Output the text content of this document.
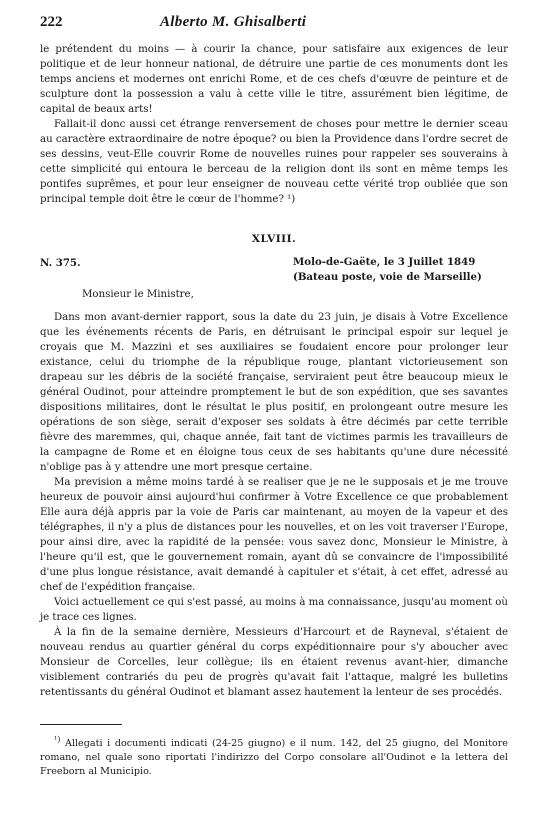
222	Alberto M. Ghisalberti

le prétendent du moins — à courir la chance, pour satisfaire aux exigences de leur politique et de leur honneur national, de détruire une partie de ces monuments dont les temps anciens et modernes ont enrichi Rome, et de ces chefs d'œuvre de peinture et de sculpture dont la possession a valu à cette ville le titre, assurément bien légitime, de capital de beaux arts!

Fallait-il donc aussi cet étrange renversement de choses pour mettre le dernier sceau au caractère extraordinaire de notre époque? ou bien la Providence dans l'ordre secret de ses dessins, veut-Elle couvrir Rome de nouvelles ruines pour rappeler ses souverains à cette simplicité qui entoura le berceau de la religion dont ils sont en même temps les pontifes suprêmes, et pour leur enseigner de nouveau cette vérité trop oubliée que son principal temple doit être le cœur de l'homme? ¹)

XLVIII.
N. 375.	Molo-de-Gaëte, le 3 Juillet 1849
(Bateau poste, voie de Marseille)
Monsieur le Ministre,

Dans mon avant-dernier rapport, sous la date du 23 juin, je disais à Votre Excellence que les événements récents de Paris, en détruisant le principal espoir sur lequel je croyais que M. Mazzini et ses auxiliaires se foudaient encore pour prolonger leur existance, celui du triomphe de la république rouge, plantant victorieusement son drapeau sur les débris de la société française, serviraient peut être beaucoup mieux le général Oudinot, pour atteindre promptement le but de son expédition, que ses savantes dispositions militaires, dont le résultat le plus positif, en prolongeant outre mesure les opérations de son siège, serait d'exposer ses soldats à être décimés par cette terrible fièvre des maremmes, qui, chaque année, fait tant de victimes parmis les travailleurs de la campagne de Rome et en éloigne tous ceux de ses habitants qu'une dure nécessité n'oblige pas à y attendre une mort presque certaine.

Ma prevision a même moins tardé à se realiser que je ne le supposais et je me trouve heureux de pouvoir ainsi aujourd'hui confirmer à Votre Excellence ce que probablement Elle aura déjà appris par la voie de Paris car maintenant, au moyen de la vapeur et des télégraphes, il n'y a plus de distances pour les nouvelles, et on les voit traverser l'Europe, pour ainsi dire, avec la rapidité de la pensée: vous savez donc, Monsieur le Ministre, à l'heure qu'il est, que le gouvernement romain, ayant dû se convaincre de l'impossibilité d'une plus longue résistance, avait demandé à capituler et s'était, à cet effet, adressé au chef de l'expédition française.

Voici actuellement ce qui s'est passé, au moins à ma connaissance, jusqu'au moment où je trace ces lignes.

À la fin de la semaine dernière, Messieurs d'Harcourt et de Rayneval, s'étaient de nouveau rendus au quartier général du corps expéditionnaire pour s'y aboucher avec Monsieur de Corcelles, leur collègue; ils en étaient revenus avant-hier, dimanche visiblement contrariés du peu de progrès qu'avait fait l'attaque, malgré les bulletins retentissants du général Oudinot et blamant assez hautement la lenteur de ses procédés.

$^{^1)}$ Allegati i documenti indicati (24-25 giugno) e il num. 142, del 25 giugno, del Monitore romano, nel quale sono riportati l'indirizzo del Corpo consolare all'Oudinot e la lettera del Freeborn al Municipio.
